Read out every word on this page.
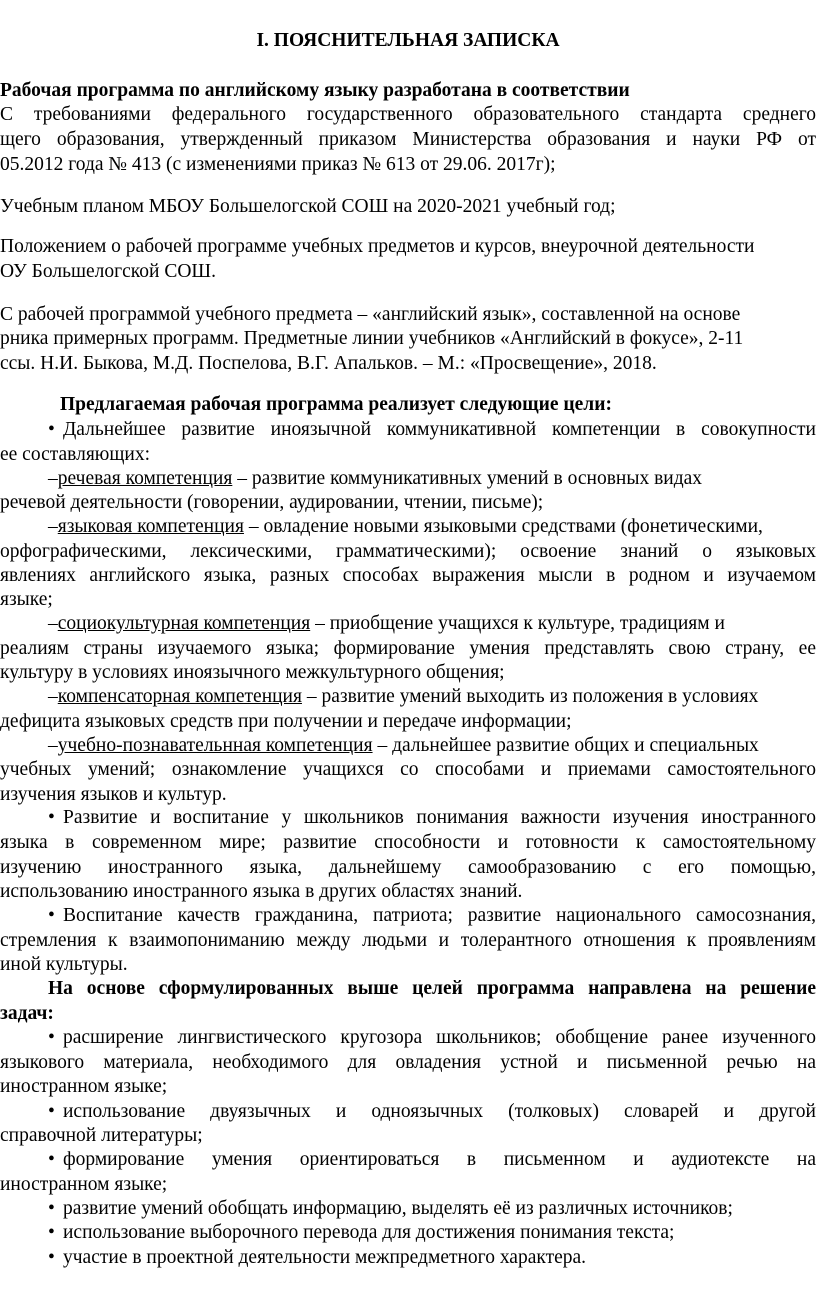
I. ПОЯСНИТЕЛЬНАЯ ЗАПИСКА
Рабочая программа по английскому языку разработана в соответствии
С требованиями федерального государственного образовательного стандарта среднего
щего образования, утвержденный приказом Министерства образования и науки РФ от
05.2012 года № 413 (с изменениями приказ № 613 от 29.06. 2017г);
Учебным планом МБОУ Большелогской СОШ на 2020-2021 учебный год;
Положением о рабочей программе учебных предметов и курсов, внеурочной деятельности
ОУ Большелогской СОШ.
С рабочей программой учебного предмета – «английский язык», составленной на основе
рника примерных программ. Предметные линии учебников «Английский в фокусе», 2-11
ссы. Н.И. Быкова, М.Д. Поспелова, В.Г. Апальков. – М.: «Просвещение», 2018.
Предлагаемая рабочая программа реализует следующие цели:
• Дальнейшее развитие иноязычной коммуникативной компетенции в совокупности
ее составляющих:
–речевая компетенция – развитие коммуникативных умений в основных видах
речевой деятельности (говорении, аудировании, чтении, письме);
–языковая компетенция – овладение новыми языковыми средствами (фонетическими,
орфографическими, лексическими, грамматическими); освоение знаний о языковых
явлениях английского языка, разных способах выражения мысли в родном и изучаемом
языке;
–социокультурная компетенция – приобщение учащихся к культуре, традициям и
реалиям страны изучаемого языка; формирование умения представлять свою страну, ее
культуру в условиях иноязычного межкультурного общения;
–компенсаторная компетенция – развитие умений выходить из положения в условиях
дефицита языковых средств при получении и передаче информации;
–учебно-познавательнная компетенция – дальнейшее развитие общих и специальных
учебных умений; ознакомление учащихся со способами и приемами самостоятельного
изучения языков и культур.
• Развитие и воспитание у школьников понимания важности изучения иностранного
языка в современном мире; развитие способности и готовности к самостоятельному
изучению иностранного языка, дальнейшему самообразованию с его помощью,
использованию иностранного языка в других областях знаний.
• Воспитание качеств гражданина, патриота; развитие национального самосознания,
стремления к взаимопониманию между людьми и толерантного отношения к проявлениям
иной культуры.
На основе сформулированных выше целей программа направлена на решение
задач:
• расширение лингвистического кругозора школьников; обобщение ранее изученного
языкового материала, необходимого для овладения устной и письменной речью на
иностранном языке;
• использование двуязычных и одноязычных (толковых) словарей и другой
справочной литературы;
• формирование умения ориентироваться в письменном и аудиотексте на
иностранном языке;
• развитие умений обобщать информацию, выделять её из различных источников;
• использование выборочного перевода для достижения понимания текста;
• участие в проектной деятельности межпредметного характера.
